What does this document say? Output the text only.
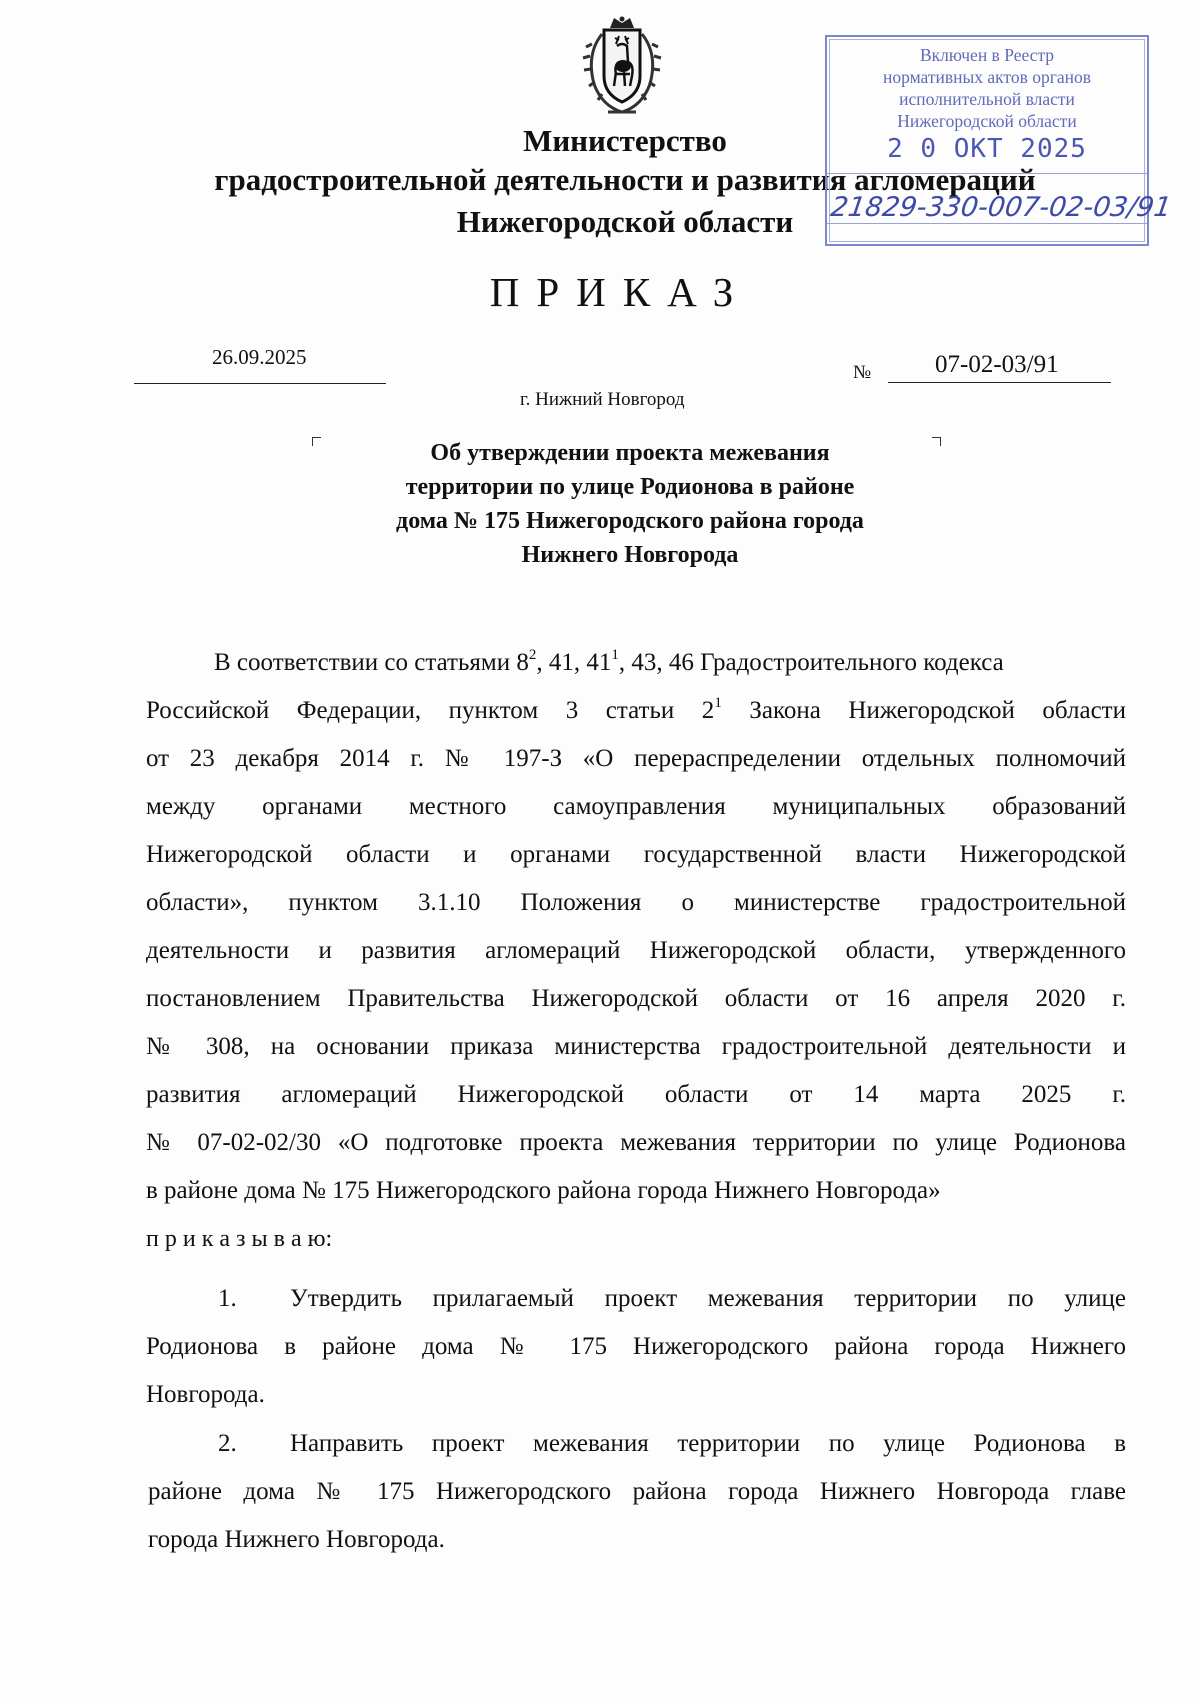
Министерство
градостроительной деятельности и развития агломераций
Нижегородской области
ПРИКАЗ
26.09.2025
№	07-02-03/91
г. Нижний Новгород
Об утверждении проекта межевания
территории по улице Родионова в районе
дома № 175 Нижегородского района города
Нижнего Новгорода
В соответствии со статьями $8^2$, 41, $41^1$, 43, 46 Градостроительного кодекса
Российской Федерации, пунктом 3 статьи $2^1$ Закона Нижегородской области
от 23 декабря 2014 г. № 197-З «О перераспределении отдельных полномочий
между органами местного самоуправления муниципальных образований
Нижегородской области и органами государственной власти Нижегородской
области», пунктом 3.1.10 Положения о министерстве градостроительной
деятельности и развития агломераций Нижегородской области, утвержденного
постановлением Правительства Нижегородской области от 16 апреля 2020 г.
№ 308, на основании приказа министерства градостроительной деятельности и
развития агломераций Нижегородской области от 14 марта 2025 г.
№ 07-02-02/30 «О подготовке проекта межевания территории по улице Родионова
в районе дома № 175 Нижегородского района города Нижнего Новгорода»
п р и к а з ы в а ю:
1. Утвердить прилагаемый проект межевания территории по улице
Родионова в районе дома № 175 Нижегородского района города Нижнего
Новгорода.
2. Направить проект межевания территории по улице Родионова в
районе дома № 175 Нижегородского района города Нижнего Новгорода главе
города Нижнего Новгорода.
Включен в Реестр
нормативных актов органов
исполнительной власти
Нижегородской области
2 0 ОКТ 2025
21829-330-007-02-03/91
